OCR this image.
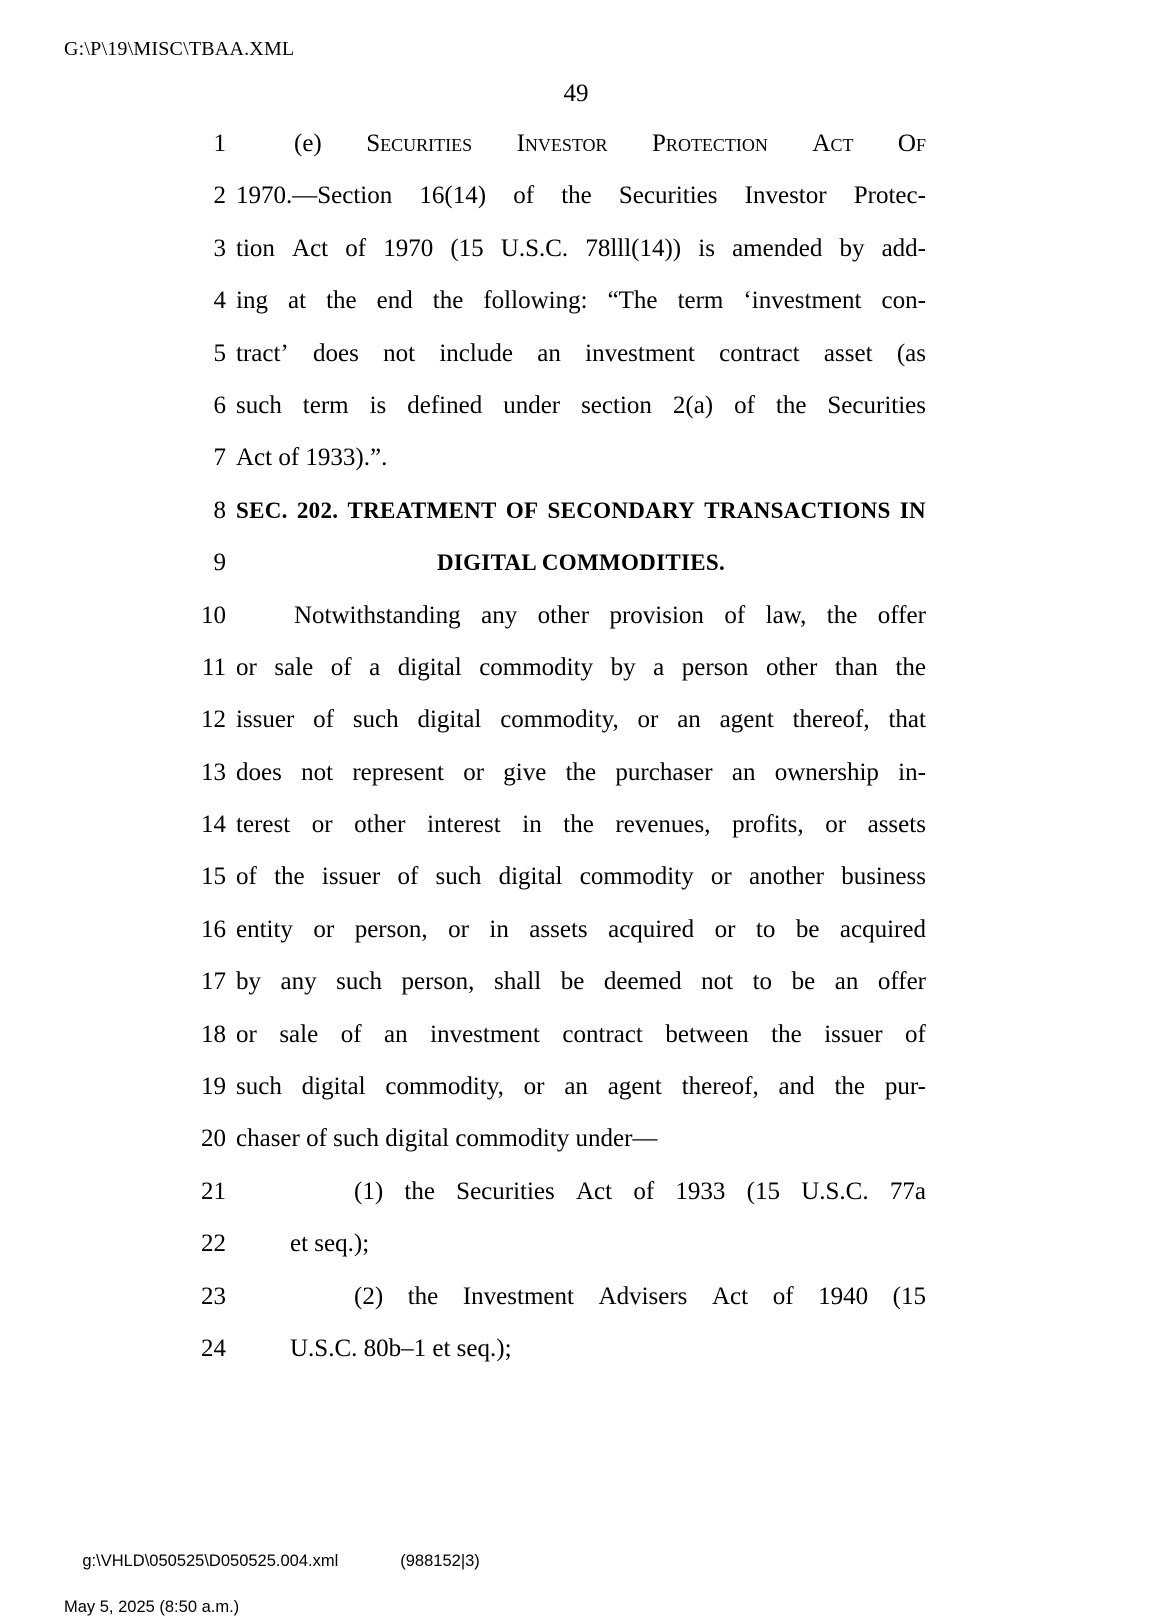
G:\P\19\MISC\TBAA.XML
49
1	(e) Securities Investor Protection Act Of
2 1970.—Section 16(14) of the Securities Investor Protec-
3 tion Act of 1970 (15 U.S.C. 78lll(14)) is amended by add-
4 ing at the end the following: “The term ‘investment con-
5 tract’ does not include an investment contract asset (as
6 such term is defined under section 2(a) of the Securities
7 Act of 1933).”.
8 SEC. 202. TREATMENT OF SECONDARY TRANSACTIONS IN
9	DIGITAL COMMODITIES.
10	Notwithstanding any other provision of law, the offer
11 or sale of a digital commodity by a person other than the
12 issuer of such digital commodity, or an agent thereof, that
13 does not represent or give the purchaser an ownership in-
14 terest or other interest in the revenues, profits, or assets
15 of the issuer of such digital commodity or another business
16 entity or person, or in assets acquired or to be acquired
17 by any such person, shall be deemed not to be an offer
18 or sale of an investment contract between the issuer of
19 such digital commodity, or an agent thereof, and the pur-
20 chaser of such digital commodity under—
21	(1) the Securities Act of 1933 (15 U.S.C. 77a
22	et seq.);
23	(2) the Investment Advisers Act of 1940 (15
24	U.S.C. 80b–1 et seq.);

g:\VHLD\050525\D050525.004.xml	(988152|3)

May 5, 2025 (8:50 a.m.)
